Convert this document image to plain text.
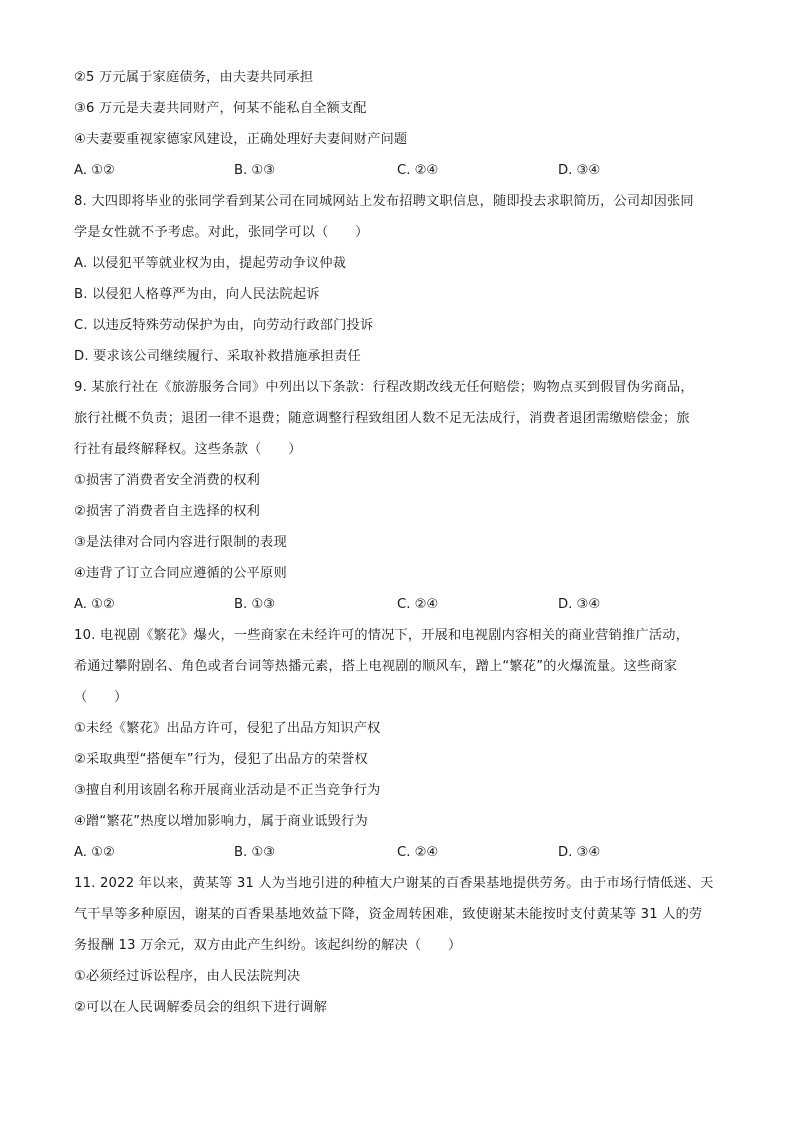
②5 万元属于家庭债务，由夫妻共同承担
③6 万元是夫妻共同财产，何某不能私自全额支配
④夫妻要重视家德家风建设，正确处理好夫妻间财产问题
A. ①②	B. ①③	C. ②④	D. ③④
8. 大四即将毕业的张同学看到某公司在同城网站上发布招聘文职信息，随即投去求职简历，公司却因张同
学是女性就不予考虑。对此，张同学可以（　　）
A. 以侵犯平等就业权为由，提起劳动争议仲裁
B. 以侵犯人格尊严为由，向人民法院起诉
C. 以违反特殊劳动保护为由，向劳动行政部门投诉
D. 要求该公司继续履行、采取补救措施承担责任
9. 某旅行社在《旅游服务合同》中列出以下条款：行程改期改线无任何赔偿；购物点买到假冒伪劣商品，
旅行社概不负责；退团一律不退费；随意调整行程致组团人数不足无法成行，消费者退团需缴赔偿金；旅
行社有最终解释权。这些条款（　　）
①损害了消费者安全消费的权利
②损害了消费者自主选择的权利
③是法律对合同内容进行限制的表现
④违背了订立合同应遵循的公平原则
A. ①②	B. ①③	C. ②④	D. ③④
10. 电视剧《繁花》爆火，一些商家在未经许可的情况下，开展和电视剧内容相关的商业营销推广活动，
希通过攀附剧名、角色或者台词等热播元素，搭上电视剧的顺风车，蹭上“繁花”的火爆流量。这些商家
（　　）
①未经《繁花》出品方许可，侵犯了出品方知识产权
②采取典型“搭便车”行为，侵犯了出品方的荣誉权
③擅自利用该剧名称开展商业活动是不正当竞争行为
④蹭“繁花”热度以增加影响力，属于商业诋毁行为
A. ①②	B. ①③	C. ②④	D. ③④
11. 2022 年以来，黄某等 31 人为当地引进的种植大户谢某的百香果基地提供劳务。由于市场行情低迷、天
气干旱等多种原因，谢某的百香果基地效益下降，资金周转困难，致使谢某未能按时支付黄某等 31 人的劳
务报酬 13 万余元，双方由此产生纠纷。该起纠纷的解决（　　）
①必须经过诉讼程序，由人民法院判决
②可以在人民调解委员会的组织下进行调解
